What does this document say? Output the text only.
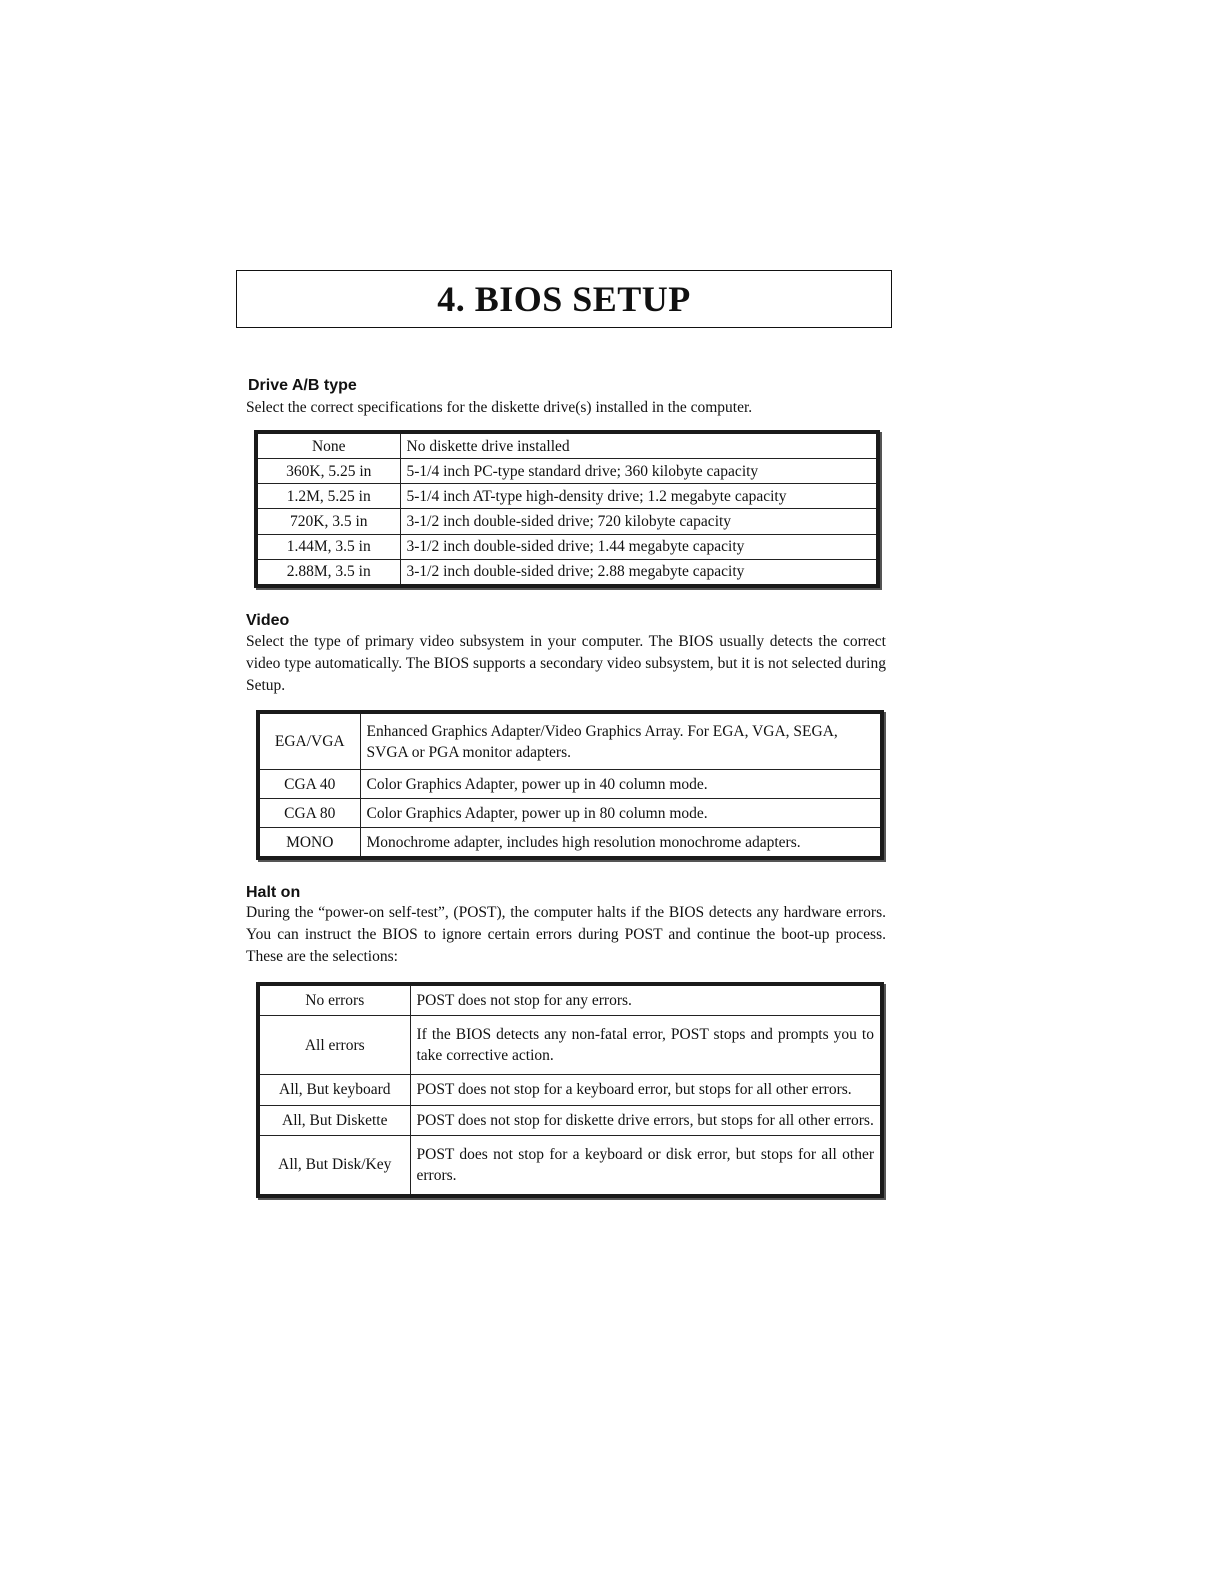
4. BIOS SETUP
Drive A/B type

Select the correct specifications for the diskette drive(s) installed in the computer.

None	No diskette drive installed
360K, 5.25 in	5-1/4 inch PC-type standard drive; 360 kilobyte capacity
1.2M, 5.25 in	5-1/4 inch AT-type high-density drive; 1.2 megabyte capacity
720K, 3.5 in	3-1/2 inch double-sided drive; 720 kilobyte capacity
1.44M, 3.5 in	3-1/2 inch double-sided drive; 1.44 megabyte capacity
2.88M, 3.5 in	3-1/2 inch double-sided drive; 2.88 megabyte capacity
Video

Select the type of primary video subsystem in your computer. The BIOS usually detects the correct video type automatically. The BIOS supports a secondary video subsystem, but it is not selected during Setup.

EGA/VGA	Enhanced Graphics Adapter/Video Graphics Array. For EGA, VGA, SEGA, SVGA or PGA monitor adapters.
CGA 40	Color Graphics Adapter, power up in 40 column mode.
CGA 80	Color Graphics Adapter, power up in 80 column mode.
MONO	Monochrome adapter, includes high resolution monochrome adapters.
Halt on

During the “power-on self-test”, (POST), the computer halts if the BIOS detects any hardware errors. You can instruct the BIOS to ignore certain errors during POST and continue the boot-up process. These are the selections:

No errors	POST does not stop for any errors.
All errors	If the BIOS detects any non-fatal error, POST stops and prompts you to take corrective action.
All, But keyboard	POST does not stop for a keyboard error, but stops for all other errors.
All, But Diskette	POST does not stop for diskette drive errors, but stops for all other errors.
All, But Disk/Key	POST does not stop for a keyboard or disk error, but stops for all other errors.
